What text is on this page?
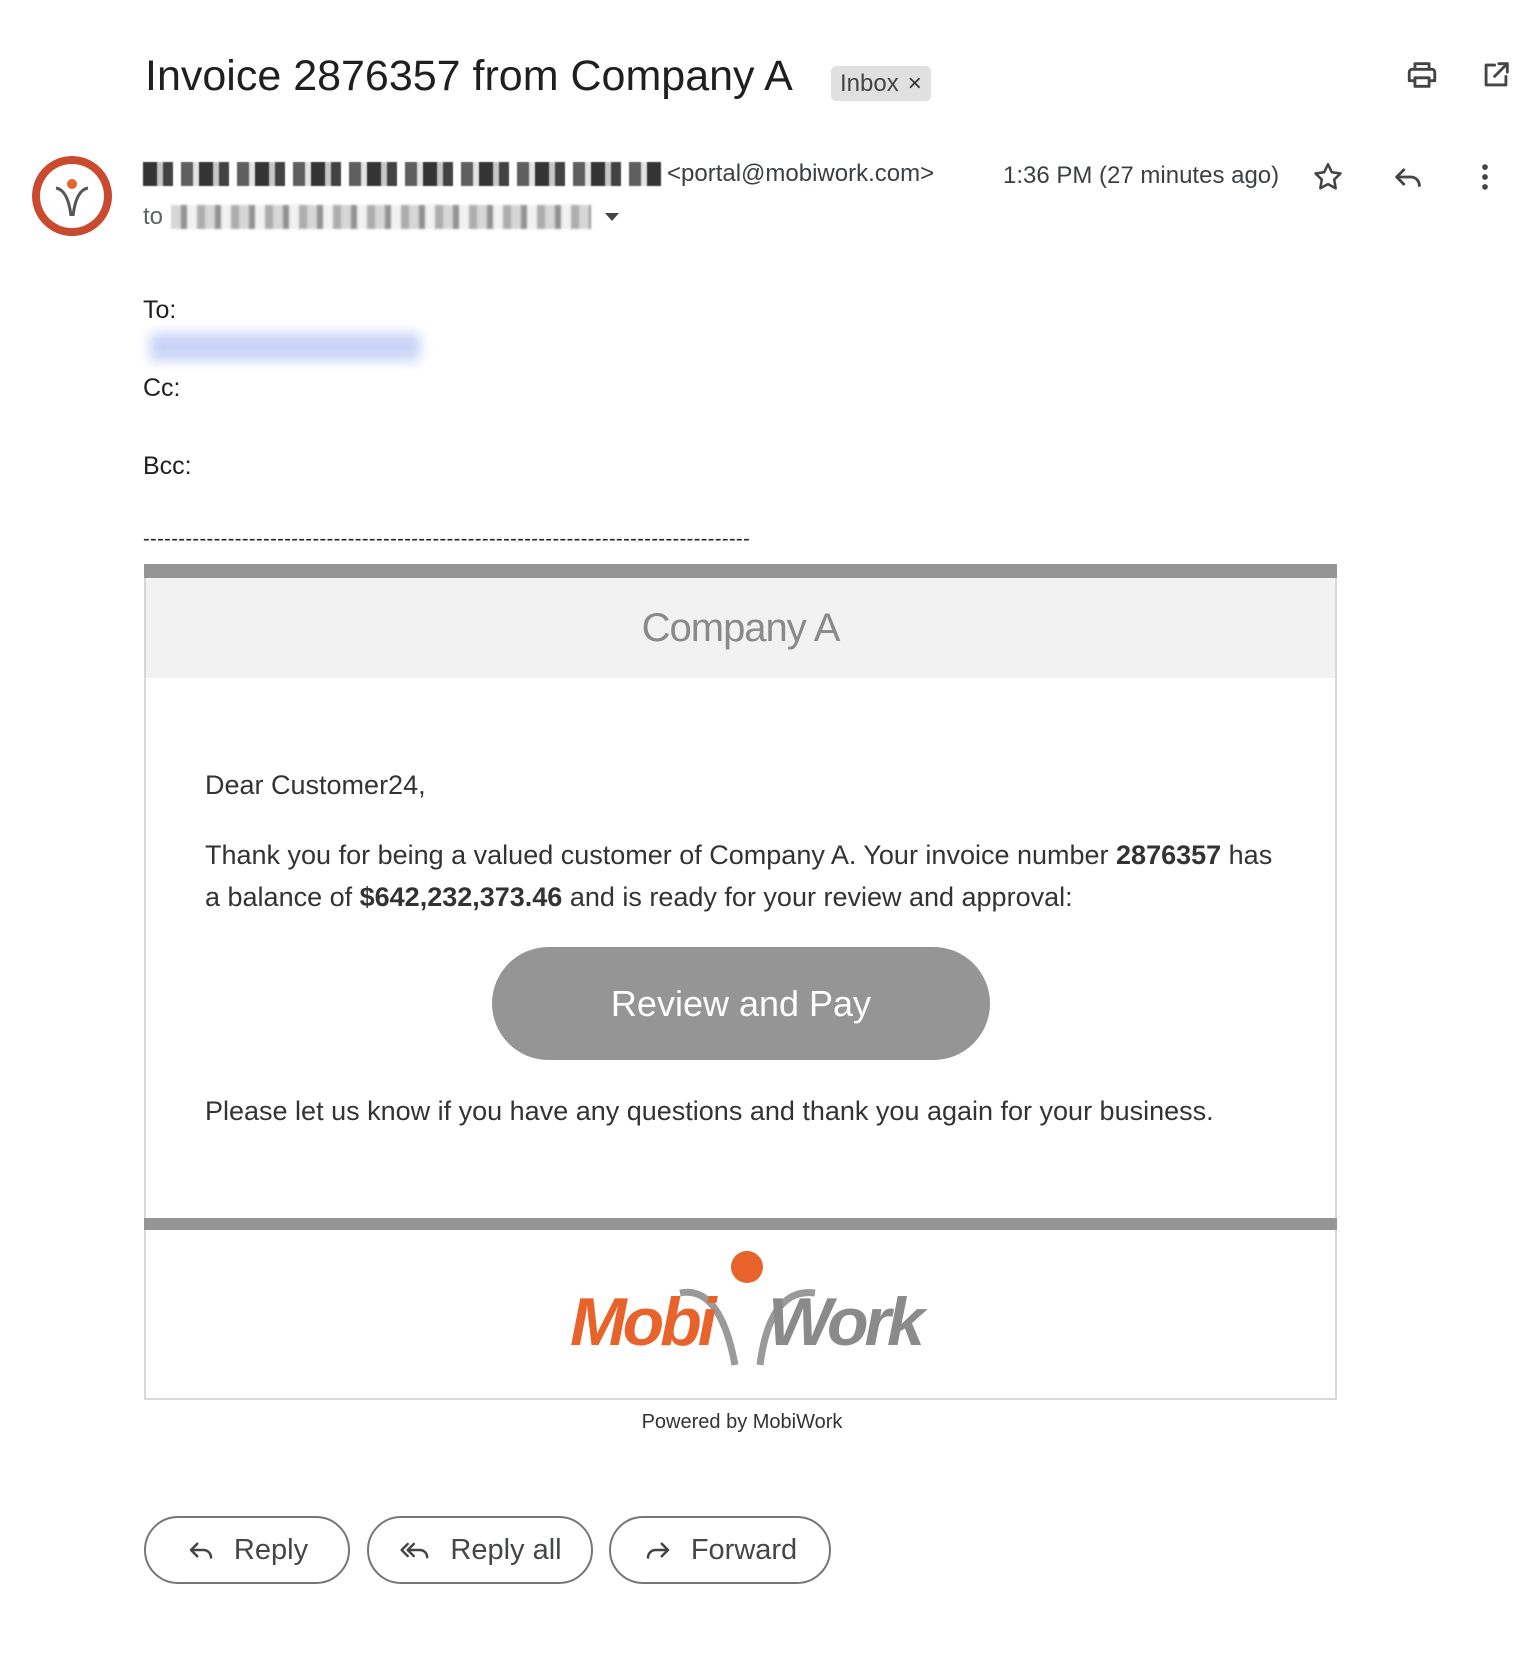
Invoice 2876357 from Company A Inbox ×
<portal@mobiwork.com>
to
1:36 PM (27 minutes ago)
To:
Cc:
Bcc:
--------------------------------------------------------------------------------------
Company A
Dear Customer24,
Thank you for being a valued customer of Company A. Your invoice number 2876357 has a balance of $642,232,373.46 and is ready for your review and approval:
Review and Pay
Please let us know if you have any questions and thank you again for your business.
Mobi Work
Powered by MobiWork
Reply	Reply all	Forward
